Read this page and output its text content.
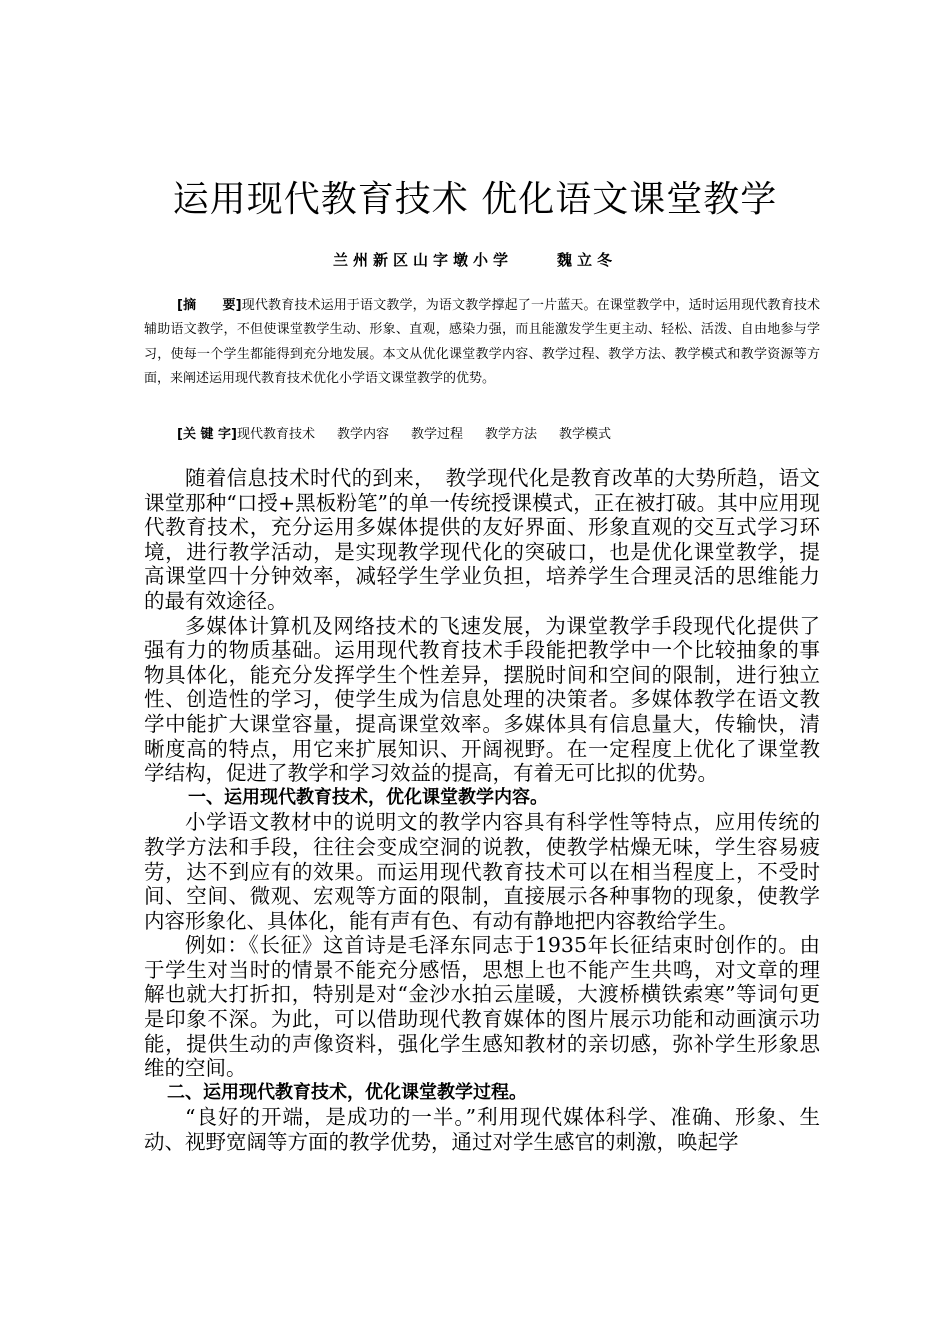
运用现代教育技术 优化语文课堂教学
兰州新区山字墩小学	魏立冬

[摘　　要]现代教育技术运用于语文教学，为语文教学撑起了一片蓝天。在课堂教学中，适时运用现代教育技术辅助语文教学，不但使课堂教学生动、形象、直观，感染力强，而且能激发学生更主动、轻松、活泼、自由地参与学习，使每一个学生都能得到充分地发展。本文从优化课堂教学内容、教学过程、教学方法、教学模式和教学资源等方面，来阐述运用现代教育技术优化小学语文课堂教学的优势。

[关 键 字]现代教育技术 教学内容 教学过程 教学方法 教学模式

随着信息技术时代的到来，　教学现代化是教育改革的大势所趋，语文课堂那种“口授+黑板粉笔”的单一传统授课模式，正在被打破。其中应用现代教育技术，充分运用多媒体提供的友好界面、形象直观的交互式学习环境，进行教学活动，是实现教学现代化的突破口，也是优化课堂教学，提高课堂四十分钟效率，减轻学生学业负担，培养学生合理灵活的思维能力的最有效途径。

多媒体计算机及网络技术的飞速发展，为课堂教学手段现代化提供了强有力的物质基础。运用现代教育技术手段能把教学中一个比较抽象的事物具体化，能充分发挥学生个性差异，摆脱时间和空间的限制，进行独立性、创造性的学习，使学生成为信息处理的决策者。多媒体教学在语文教学中能扩大课堂容量，提高课堂效率。多媒体具有信息量大，传输快，清晰度高的特点，用它来扩展知识、开阔视野。在一定程度上优化了课堂教学结构，促进了教学和学习效益的提高，有着无可比拟的优势。

一、运用现代教育技术，优化课堂教学内容。

小学语文教材中的说明文的教学内容具有科学性等特点，应用传统的教学方法和手段，往往会变成空洞的说教，使教学枯燥无味，学生容易疲劳，达不到应有的效果。而运用现代教育技术可以在相当程度上，不受时间、空间、微观、宏观等方面的限制，直接展示各种事物的现象，使教学内容形象化、具体化，能有声有色、有动有静地把内容教给学生。

例如：《长征》这首诗是毛泽东同志于1935年长征结束时创作的。由于学生对当时的情景不能充分感悟，思想上也不能产生共鸣，对文章的理解也就大打折扣，特别是对“金沙水拍云崖暖，大渡桥横铁索寒”等词句更是印象不深。为此，可以借助现代教育媒体的图片展示功能和动画演示功能，提供生动的声像资料，强化学生感知教材的亲切感，弥补学生形象思维的空间。

二、运用现代教育技术，优化课堂教学过程。

“良好的开端，是成功的一半。”利用现代媒体科学、准确、形象、生动、视野宽阔等方面的教学优势，通过对学生感官的刺激，唤起学
